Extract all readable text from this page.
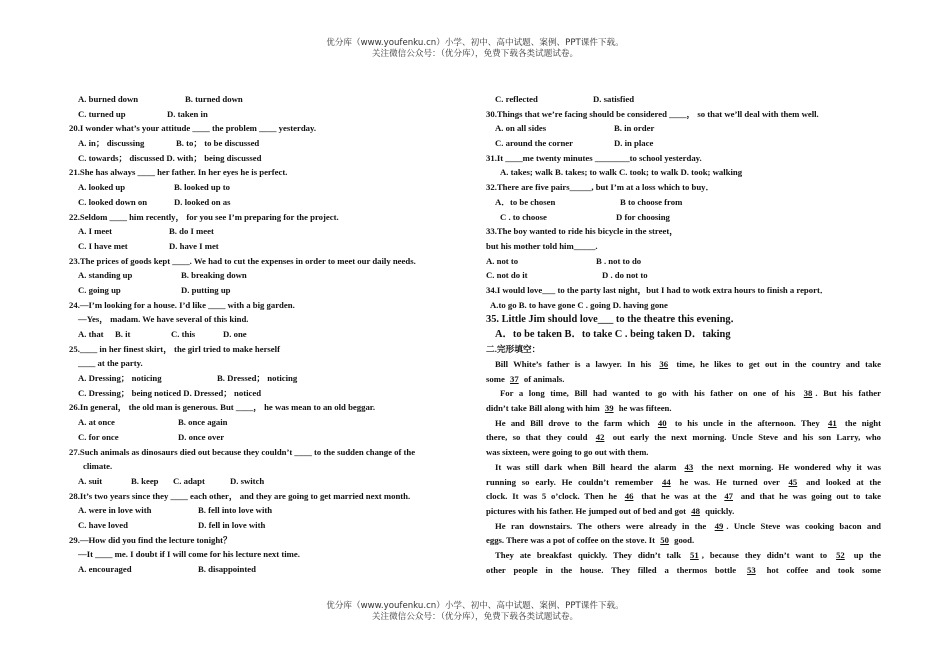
优分库（www.youfenku.cn）小学、初中、高中试题、案例、PPT课件下载。
关注微信公众号：（优分库），免费下载各类试题试卷。
A. burned down	B. turned down
C. turned up	D. taken in
20.I wonder what’s your attitude ____ the problem ____ yesterday.
A. in； discussing	B. to； to be discussed
C. towards； discussed D. with； being discussed
21.She has always ____ her father. In her eyes he is perfect.
A. looked up	B. looked up to
C. looked down on	D. looked on as
22.Seldom ____ him recently， for you see I’m preparing for the project.
A. I meet	B. do I meet
C. I have met	D. have I met
23.The prices of goods kept ____. We had to cut the expenses in order to meet our daily needs.
A. standing up	B. breaking down
C. going up	D. putting up
24.—I’m looking for a house. I’d like ____ with a big garden.
—Yes， madam. We have several of this kind.
A. that B. it	C. this	D. one
25.____ in her finest skirt， the girl tried to make herself
____ at the party.
A. Dressing； noticing	B. Dressed； noticing
C. Dressing； being noticed D. Dressed； noticed
26.In general， the old man is generous. But ____， he was mean to an old beggar.
A. at once	B. once again
C. for once	D. once over
27.Such animals as dinosaurs died out because they couldn’t ____ to the sudden change of the
climate.
A. suit	B. keep C. adapt	D. switch
28.It’s two years since they ____ each other， and they are going to get married next month.
A. were in love with	B. fell into love with
C. have loved	D. fell in love with
29.—How did you find the lecture tonight？
—It ____ me. I doubt if I will come for his lecture next time.
A. encouraged	B. disappointed
C. reflected	D. satisfied
30.Things that we’re facing should be considered ____， so that we’ll deal with them well.
A. on all sides	B. in order
C. around the corner	D. in place
31.It ____me twenty minutes ________to school yesterday.
A. takes; walk B. takes; to walk C. took; to walk D. took; walking
32.There are five pairs_____, but I’m at a loss which to buy．
A．to be chosen	B to choose from
C . to choose	D for choosing
33.The boy wanted to ride his bicycle in the street，
but his mother told him_____.
A. not to	B . not to do
C. not do it	D . do not to
34.I would love___ to the party last night，but I had to wotk extra hours to finish a report．
A.to go B. to have gone C . going D. having gone
35. Little Jim should love___ to the theatre this evening．
A．to be taken B．to take C . being taken D．taking
二.完形填空：
Bill White’s father is a lawyer. In his 36 time, he likes to get out in the country and take
some 37 of animals.
For a long time, Bill had wanted to go with his father on one of his 38 . But his father
didn’t take Bill along with him 39 he was fifteen.
He and Bill drove to the farm which 40 to his uncle in the afternoon. They 41 the night
there, so that they could 42 out early the next morning. Uncle Steve and his son Larry, who
was sixteen, were going to go out with them.
It was still dark when Bill heard the alarm 43 the next morning. He wondered why it was
running so early. He couldn’t remember 44 he was. He turned over 45 and looked at the
clock. It was 5 o’clock. Then he 46 that he was at the 47 and that he was going out to take
pictures with his father. He jumped out of bed and got 48 quickly.
He ran downstairs. The others were already in the 49 . Uncle Steve was cooking bacon and
eggs. There was a pot of coffee on the stove. It 50 good.
They ate breakfast quickly. They didn’t talk 51 , because they didn’t want to 52 up the
other people in the house. They filled a thermos bottle 53 hot coffee and took some
优分库（www.youfenku.cn）小学、初中、高中试题、案例、PPT课件下载。
关注微信公众号：（优分库），免费下载各类试题试卷。
